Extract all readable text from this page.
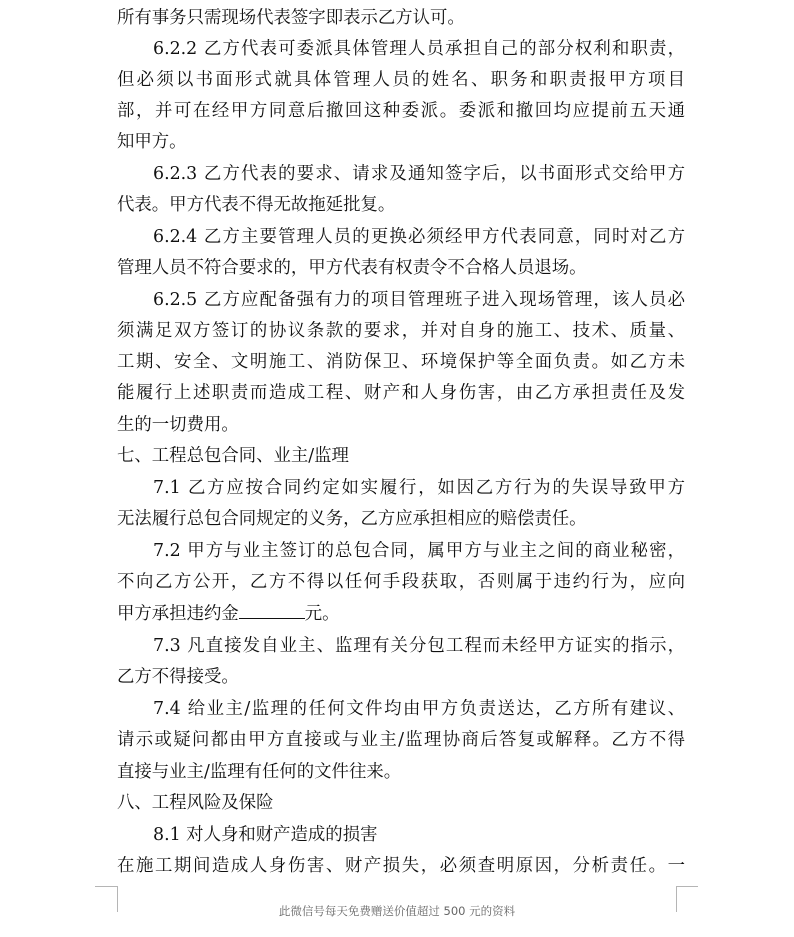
所有事务只需现场代表签字即表示乙方认可。
6.2.2 乙方代表可委派具体管理人员承担自己的部分权利和职责，
但必须以书面形式就具体管理人员的姓名、职务和职责报甲方项目
部，并可在经甲方同意后撤回这种委派。委派和撤回均应提前五天通
知甲方。
6.2.3 乙方代表的要求、请求及通知签字后，以书面形式交给甲方
代表。甲方代表不得无故拖延批复。
6.2.4 乙方主要管理人员的更换必须经甲方代表同意，同时对乙方
管理人员不符合要求的，甲方代表有权责令不合格人员退场。
6.2.5 乙方应配备强有力的项目管理班子进入现场管理，该人员必
须满足双方签订的协议条款的要求，并对自身的施工、技术、质量、
工期、安全、文明施工、消防保卫、环境保护等全面负责。如乙方未
能履行上述职责而造成工程、财产和人身伤害，由乙方承担责任及发
生的一切费用。
七、工程总包合同、业主/监理
7.1 乙方应按合同约定如实履行，如因乙方行为的失误导致甲方
无法履行总包合同规定的义务，乙方应承担相应的赔偿责任。
7.2 甲方与业主签订的总包合同，属甲方与业主之间的商业秘密，
不向乙方公开，乙方不得以任何手段获取，否则属于违约行为，应向
甲方承担违约金	元。
7.3 凡直接发自业主、监理有关分包工程而未经甲方证实的指示，
乙方不得接受。
7.4 给业主/监理的任何文件均由甲方负责送达，乙方所有建议、
请示或疑问都由甲方直接或与业主/监理协商后答复或解释。乙方不得
直接与业主/监理有任何的文件往来。
八、工程风险及保险
8.1 对人身和财产造成的损害
在施工期间造成人身伤害、财产损失，必须查明原因，分析责任。一
此微信号每天免费赠送价值超过 500 元的资料
